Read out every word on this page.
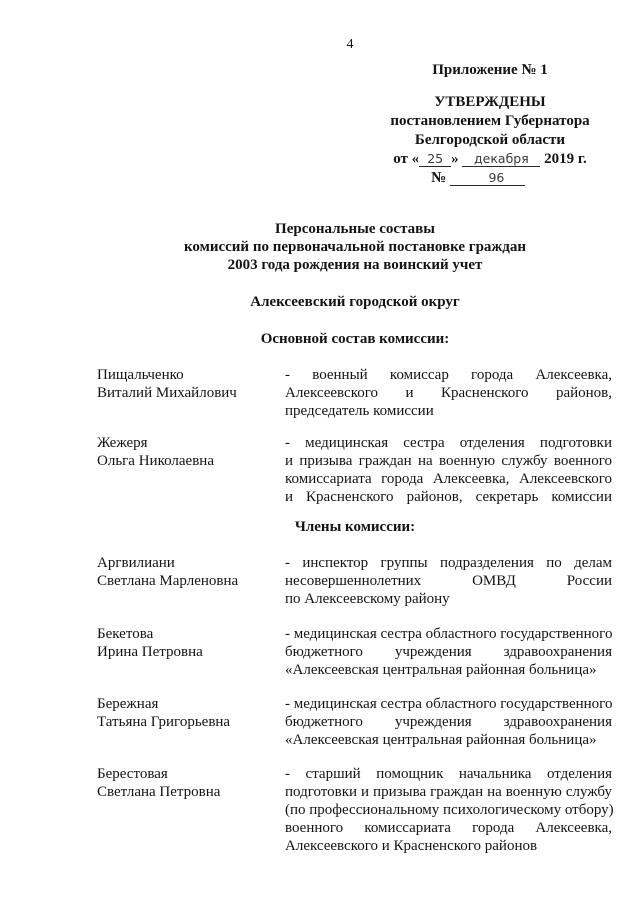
4
Приложение № 1
УТВЕРЖДЕНЫ
постановлением Губернатора
Белгородской области
от « 25 » декабря 2019 г.
№	96
Персональные составы
комиссий по первоначальной постановке граждан
2003 года рождения на воинский учет
Алексеевский городской округ
Основной состав комиссии:
Пищальченко
Виталий Михайлович
- военный комиссар города Алексеевка,
Алексеевского и Красненского районов,
председатель комиссии
Жежеря
Ольга Николаевна
- медицинская сестра отделения подготовки
и призыва граждан на военную службу военного
комиссариата города Алексеевка, Алексеевского
и Красненского районов, секретарь комиссии
Члены комиссии:
Аргвилиани
Светлана Марленовна
- инспектор группы подразделения по делам
несовершеннолетних ОМВД России
по Алексеевскому району
Бекетова
Ирина Петровна
- медицинская сестра областного государственного
бюджетного учреждения здравоохранения
«Алексеевская центральная районная больница»
Бережная
Татьяна Григорьевна
- медицинская сестра областного государственного
бюджетного учреждения здравоохранения
«Алексеевская центральная районная больница»
Берестовая
Светлана Петровна
- старший помощник начальника отделения
подготовки и призыва граждан на военную службу
(по профессиональному психологическому отбору)
военного комиссариата города Алексеевка,
Алексеевского и Красненского районов
